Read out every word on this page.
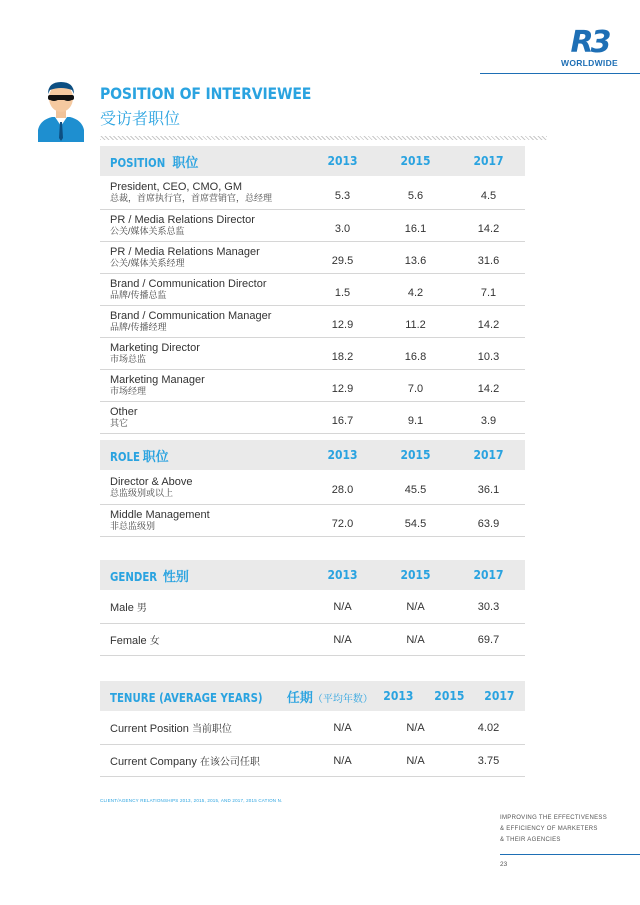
R3
WORLDWIDE
POSITION OF INTERVIEWEE
受访者职位
POSITION 职位	2013	2015	2017
President, CEO, CMO, GM
总裁，首席执行官，首席营销官，总经理	5.3	5.6	4.5
PR / Media Relations Director
公关/媒体关系总监	3.0	16.1	14.2
PR / Media Relations Manager
公关/媒体关系经理	29.5	13.6	31.6
Brand / Communication Director
品牌/传播总监	1.5	4.2	7.1
Brand / Communication Manager
品牌/传播经理	12.9	11.2	14.2
Marketing Director
市场总监	18.2	16.8	10.3
Marketing Manager
市场经理	12.9	7.0	14.2
Other
其它	16.7	9.1	3.9
ROLE 职位	2013	2015	2017
Director & Above
总监级别或以上	28.0	45.5	36.1
Middle Management
非总监级别	72.0	54.5	63.9
GENDER 性别	2013	2015	2017
Male 男	N/A	N/A	30.3
Female 女	N/A	N/A	69.7
TENURE (AVERAGE YEARS) 任期（平均年数） 2013	2015	2017
Current Position 当前职位	N/A	N/A	4.02
Current Company 在该公司任职	N/A	N/A	3.75
CLIENT/AGENCY RELATIONSHIPS 2013, 2015, 2015, AND 2017, 2015 CATION N.
IMPROVING THE EFFECTIVENESS
& EFFICIENCY OF MARKETERS
& THEIR AGENCIES
23
